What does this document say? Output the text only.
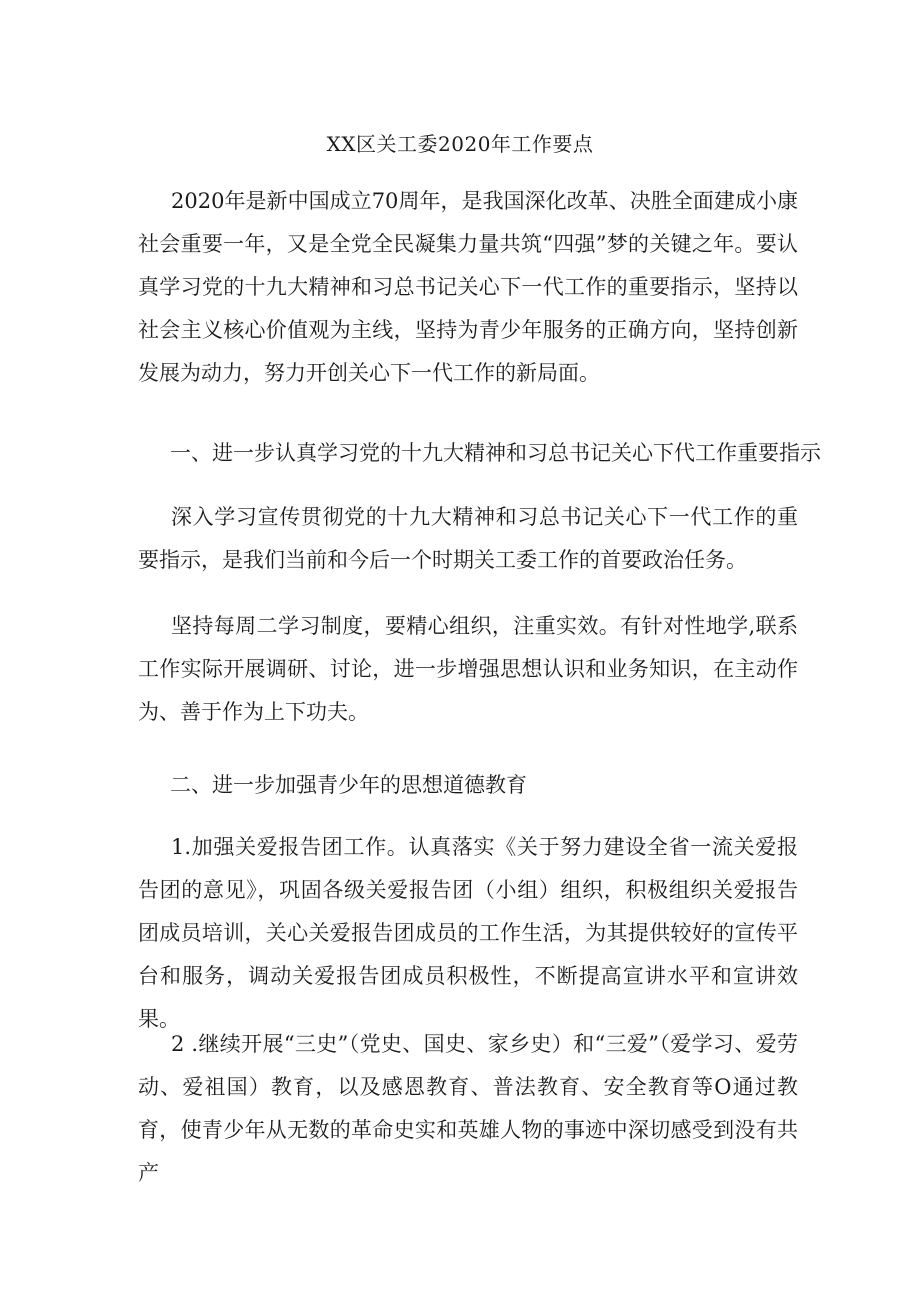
XX区关工委2020年工作要点
2020年是新中国成立70周年，是我国深化改革、决胜全面建成小康社会重要一年，又是全党全民凝集力量共筑“四强”梦的关键之年。要认真学习党的十九大精神和习总书记关心下一代工作的重要指示，坚持以社会主义核心价值观为主线，坚持为青少年服务的正确方向，坚持创新发展为动力，努力开创关心下一代工作的新局面。
一、进一步认真学习党的十九大精神和习总书记关心下代工作重要指示
深入学习宣传贯彻党的十九大精神和习总书记关心下一代工作的重要指示，是我们当前和今后一个时期关工委工作的首要政治任务。
坚持每周二学习制度，要精心组织，注重实效。有针对性地学,联系工作实际开展调研、讨论，进一步增强思想认识和业务知识，在主动作为、善于作为上下功夫。
二、进一步加强青少年的思想道德教育
1.加强关爱报告团工作。认真落实《关于努力建设全省一流关爱报告团的意见》，巩固各级关爱报告团（小组）组织，积极组织关爱报告团成员培训，关心关爱报告团成员的工作生活，为其提供较好的宣传平台和服务，调动关爱报告团成员积极性，不断提高宣讲水平和宣讲效果。
2 .继续开展“三史”（党史、国史、家乡史）和“三爱”（爱学习、爱劳动、爱祖国）教育，以及感恩教育、普法教育、安全教育等O通过教育，使青少年从无数的革命史实和英雄人物的事迹中深切感受到没有共产
